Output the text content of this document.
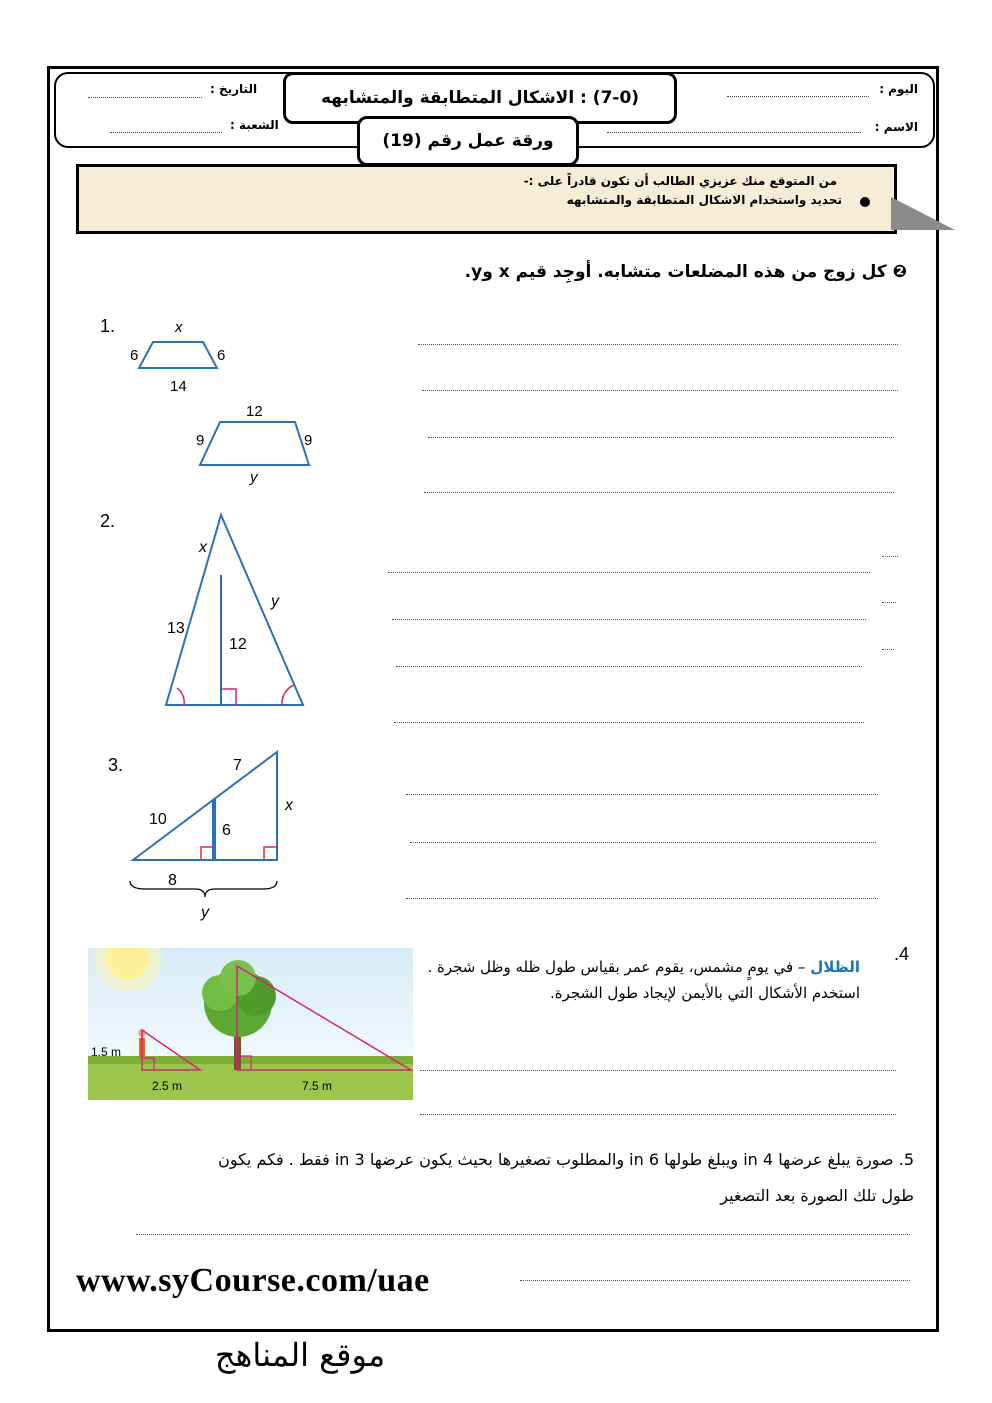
اليوم :
الاسم :
التاريخ :
الشعبة :
(7-0) : الاشكال المتطابقة والمتشابهه
ورقة عمل رقم (19)
من المتوقع منك عزيزي الطالب أن تكون قادراً على :-
تحديد واستخدام الاشكال المتطابقة والمتشابهه
❷ كل زوج من هذه المضلعات متشابه. أوجِد قيم x وy.
1.	x
6	6
14
12
9	9
y
2.
x
y
13
12
3.	7
10
6
x
8
y
.4
الظلال – في يومٍ مشمس، يقوم عمر بقياس طول ظله وظل شجرة . استخدم الأشكال التي بالأيمن لإيجاد طول الشجرة.
1.5 m
2.5 m	7.5 m
5. صورة يبلغ عرضها 4 in ويبلغ طولها 6 in والمطلوب تصغيرها بحيث يكون عرضها 3 in فقط . فكم يكون
طول تلك الصورة بعد التصغير
www.syCourse.com/uae
موقع المناهج
